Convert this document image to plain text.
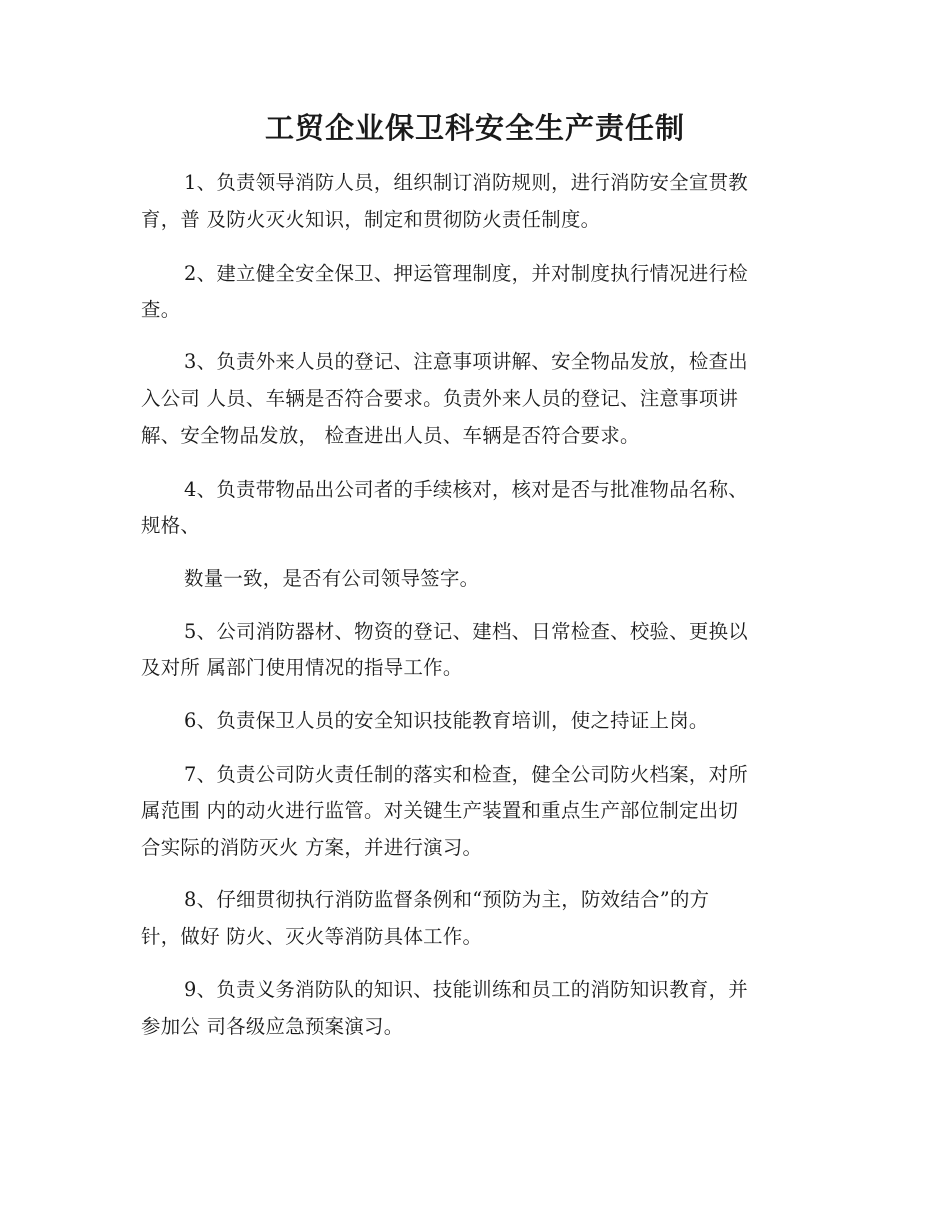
工贸企业保卫科安全生产责任制
1、负责领导消防人员，组织制订消防规则，进行消防安全宣贯教
育，普 及防火灭火知识，制定和贯彻防火责任制度。
2、建立健全安全保卫、押运管理制度，并对制度执行情况进行检
查。
3、负责外来人员的登记、注意事项讲解、安全物品发放，检查出
入公司 人员、车辆是否符合要求。负责外来人员的登记、注意事项讲
解、安全物品发放， 检查进出人员、车辆是否符合要求。
4、负责带物品出公司者的手续核对，核对是否与批准物品名称、
规格、
数量一致，是否有公司领导签字。
5、公司消防器材、物资的登记、建档、日常检查、校验、更换以
及对所 属部门使用情况的指导工作。
6、负责保卫人员的安全知识技能教育培训，使之持证上岗。
7、负责公司防火责任制的落实和检查，健全公司防火档案，对所
属范围 内的动火进行监管。对关键生产装置和重点生产部位制定出切
合实际的消防灭火 方案，并进行演习。
8、仔细贯彻执行消防监督条例和“预防为主，防效结合”的方
针，做好 防火、灭火等消防具体工作。
9、负责义务消防队的知识、技能训练和员工的消防知识教育，并
参加公 司各级应急预案演习。
